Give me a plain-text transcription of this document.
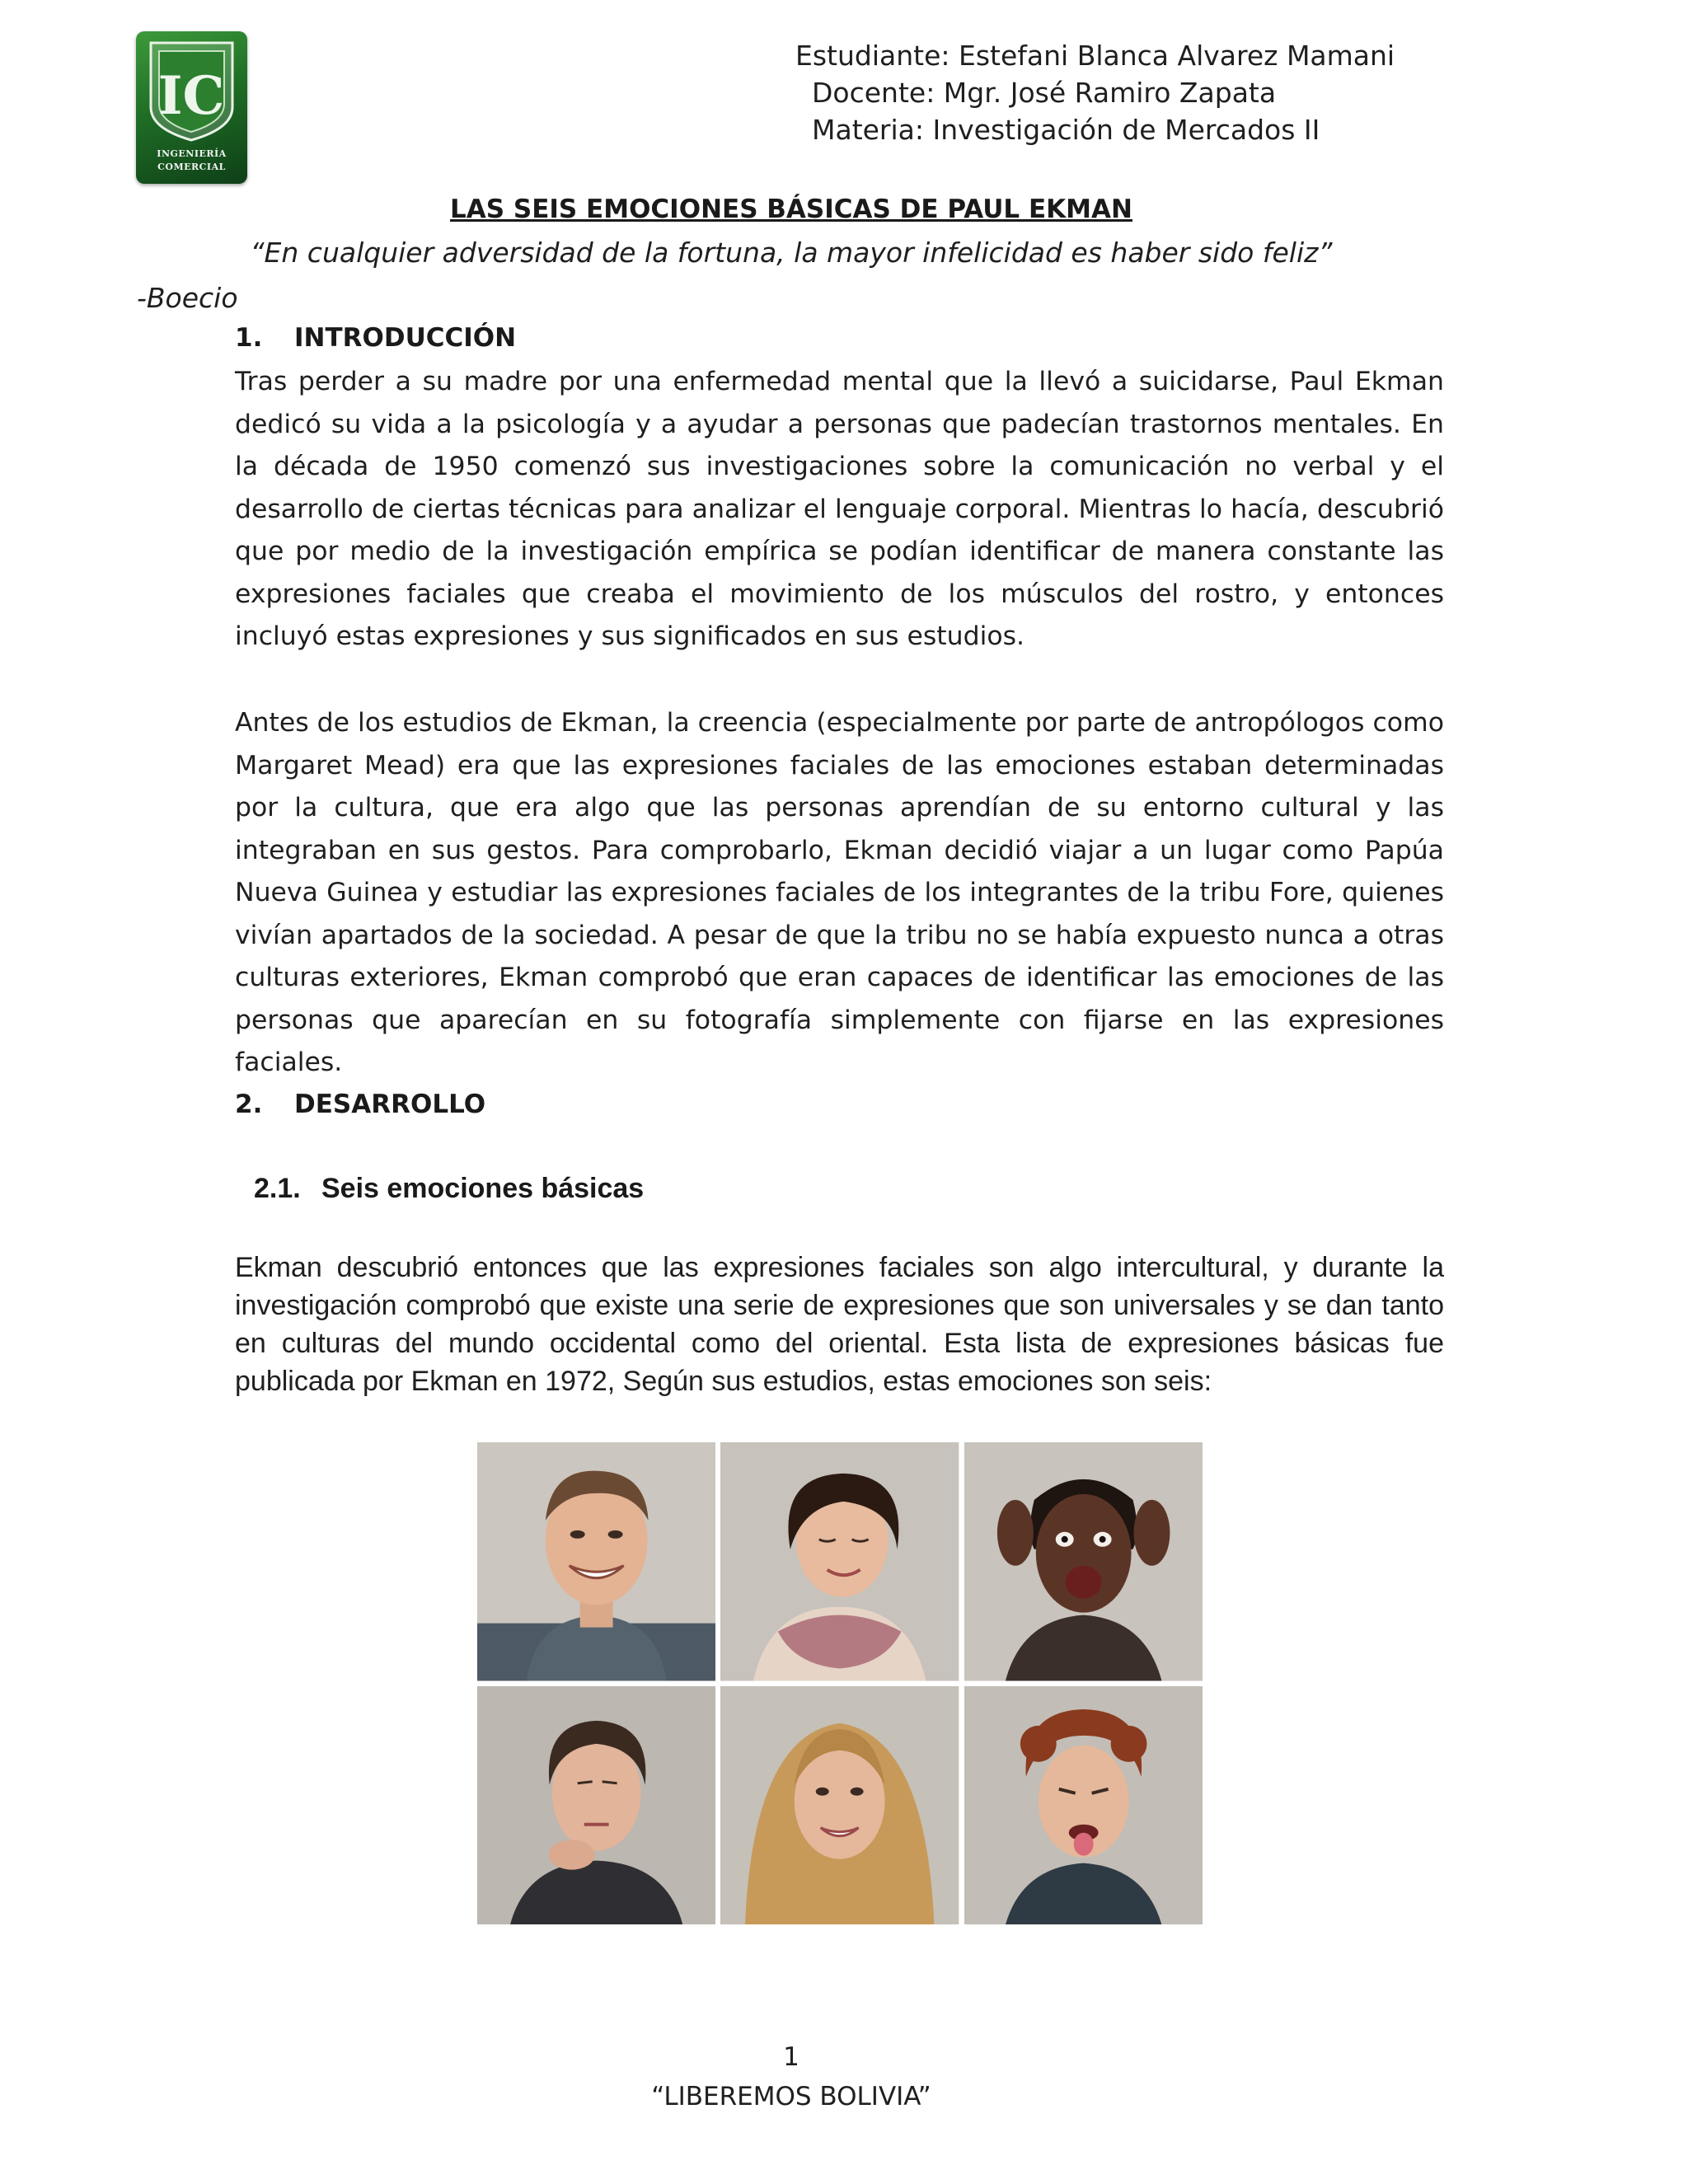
IC
INGENIERÍA
COMERCIAL
Estudiante: Estefani Blanca Alvarez Mamani
Docente: Mgr. José Ramiro Zapata
Materia: Investigación de Mercados II
LAS SEIS EMOCIONES BÁSICAS DE PAUL EKMAN
“En cualquier adversidad de la fortuna, la mayor infelicidad es haber sido feliz”
-Boecio
1. INTRODUCCIÓN

Tras perder a su madre por una enfermedad mental que la llevó a suicidarse, Paul Ekman dedicó su vida a la psicología y a ayudar a personas que padecían trastornos mentales. En la década de 1950 comenzó sus investigaciones sobre la comunicación no verbal y el desarrollo de ciertas técnicas para analizar el lenguaje corporal. Mientras lo hacía, descubrió que por medio de la investigación empírica se podían identificar de manera constante las expresiones faciales que creaba el movimiento de los músculos del rostro, y entonces incluyó estas expresiones y sus significados en sus estudios.

Antes de los estudios de Ekman, la creencia (especialmente por parte de antropólogos como Margaret Mead) era que las expresiones faciales de las emociones estaban determinadas por la cultura, que era algo que las personas aprendían de su entorno cultural y las integraban en sus gestos. Para comprobarlo, Ekman decidió viajar a un lugar como Papúa Nueva Guinea y estudiar las expresiones faciales de los integrantes de la tribu Fore, quienes vivían apartados de la sociedad. A pesar de que la tribu no se había expuesto nunca a otras culturas exteriores, Ekman comprobó que eran capaces de identificar las emociones de las personas que aparecían en su fotografía simplemente con fijarse en las expresiones faciales.

2. DESARROLLO
2.1. Seis emociones básicas

Ekman descubrió entonces que las expresiones faciales son algo intercultural, y durante la investigación comprobó que existe una serie de expresiones que son universales y se dan tanto en culturas del mundo occidental como del oriental. Esta lista de expresiones básicas fue publicada por Ekman en 1972, Según sus estudios, estas emociones son seis:

1
“LIBEREMOS BOLIVIA”
